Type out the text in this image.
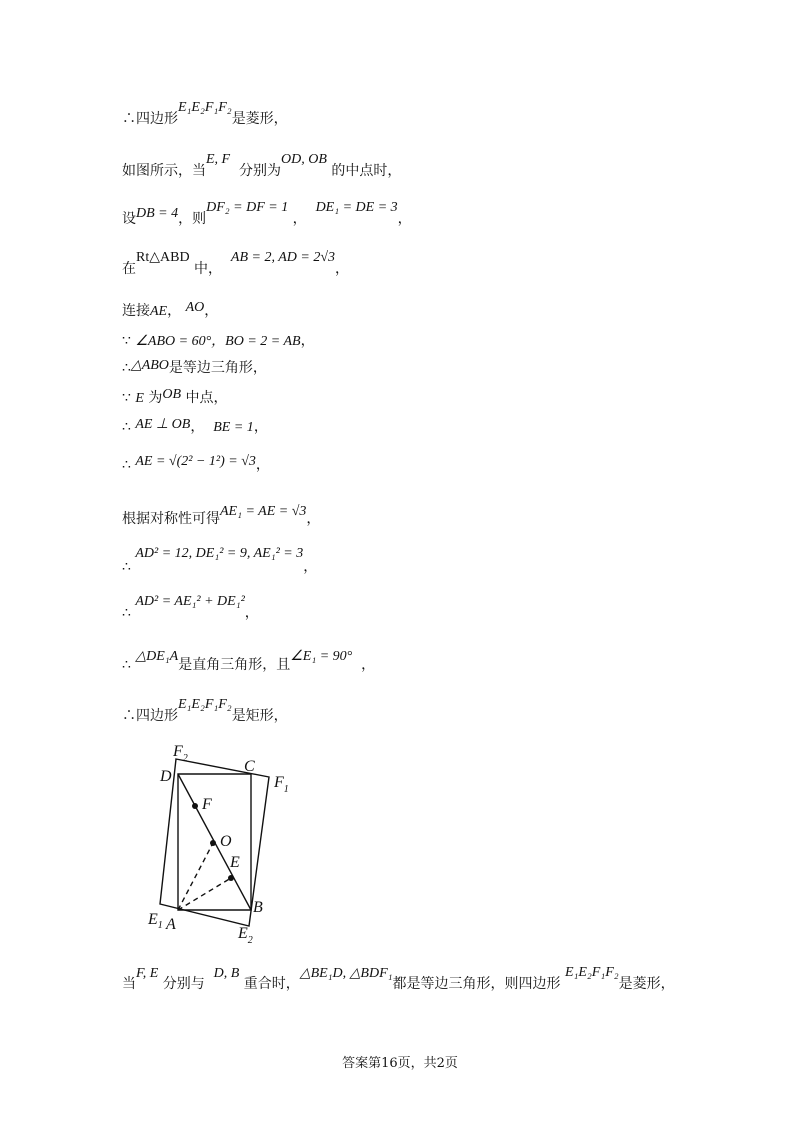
∴四边形E₁E₂F₁F₂是菱形，
如图所示，当E, F  分别为OD, OB 的中点时，
设DB = 4，则DF₂ = DF = 1 ，  DE₁ = DE = 3，
在Rt△ABD 中，  AB = 2, AD = 2√3，
连接AE， AO，
∵ ∠ABO = 60°，BO = 2 = AB，
∴△ABO是等边三角形，
∵ E 为OB 中点，
∴ AE ⊥ OB， BE = 1，
∴ AE = √(2² − 1²) = √3，
根据对称性可得AE₁ = AE = √3，
∴ AD² = 12, DE₁² = 9, AE₁² = 3，
∴ AD² = AE₁² + DE₁²，
∴ △DE₁A是直角三角形，且∠E₁ = 90°  ，
∴四边形E₁E₂F₁F₂是矩形，
$F_2$
D
C
$F_1$
F
O
E
$E_1$ A
B
$E_2$
当F, E 分别与  D, B 重合时，△BE₁D, △BDF₁都是等边三角形，则四边形 E₁E₂F₁F₂是菱形，
答案第16页，共2页
